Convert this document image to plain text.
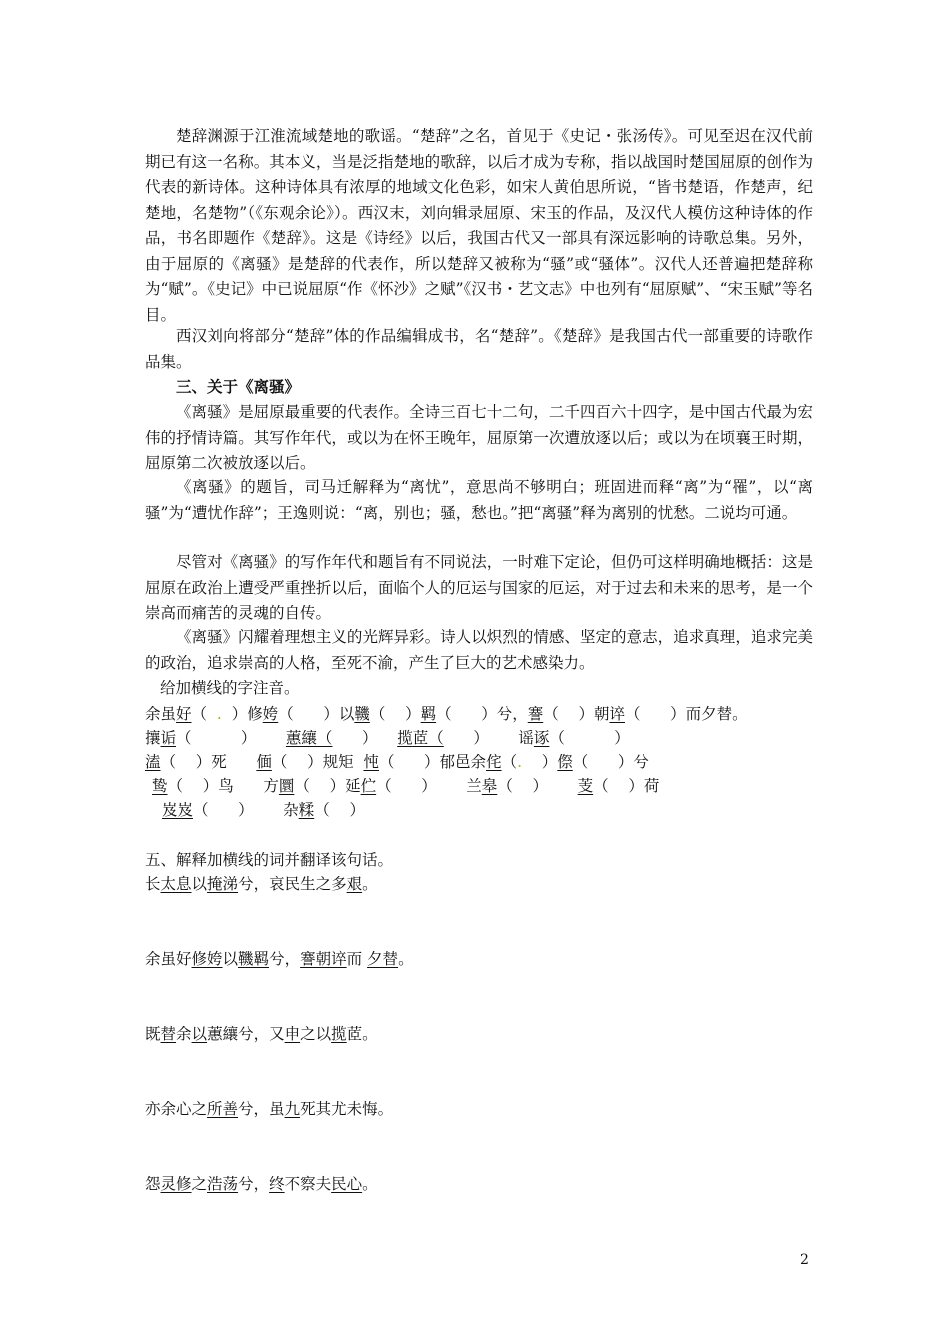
楚辞渊源于江淮流域楚地的歌谣。“楚辞”之名，首见于《史记・张汤传》。可见至迟在汉代前期已有这一名称。其本义，当是泛指楚地的歌辞，以后才成为专称，指以战国时楚国屈原的创作为代表的新诗体。这种诗体具有浓厚的地域文化色彩，如宋人黄伯思所说，“皆书楚语，作楚声，纪楚地，名楚物”（《东观余论》）。西汉末，刘向辑录屈原、宋玉的作品，及汉代人模仿这种诗体的作品，书名即题作《楚辞》。这是《诗经》以后，我国古代又一部具有深远影响的诗歌总集。另外，由于屈原的《离骚》是楚辞的代表作，所以楚辞又被称为“骚”或“骚体”。汉代人还普遍把楚辞称为“赋”。《史记》中已说屈原“作《怀沙》之赋”《汉书・艺文志》中也列有“屈原赋”、“宋玉赋”等名目。

西汉刘向将部分“楚辞”体的作品编辑成书，名“楚辞”。《楚辞》是我国古代一部重要的诗歌作品集。

三、关于《离骚》

《离骚》是屈原最重要的代表作。全诗三百七十二句，二千四百六十四字，是中国古代最为宏伟的抒情诗篇。其写作年代，或以为在怀王晚年，屈原第一次遭放逐以后；或以为在顷襄王时期，屈原第二次被放逐以后。

《离骚》的题旨，司马迁解释为“离忧”，意思尚不够明白；班固进而释“离”为“罹”，以“离骚”为“遭忧作辞”；王逸则说：“离，别也；骚，愁也。”把“离骚”释为离别的忧愁。二说均可通。

尽管对《离骚》的写作年代和题旨有不同说法，一时难下定论，但仍可这样明确地概括：这是屈原在政治上遭受严重挫折以后，面临个人的厄运与国家的厄运，对于过去和未来的思考，是一个崇高而痛苦的灵魂的自传。

《离骚》闪耀着理想主义的光辉异彩。诗人以炽烈的情感、坚定的意志，追求真理，追求完美的政治，追求崇高的人格，至死不渝，产生了巨大的艺术感染力。

给加横线的字注音。

余虽好（ . ）修姱（ ）以鞿（ ）羁（ ）兮，謇（ ）朝谇（ ）而夕替。
攘诟（	） 蕙纕（ ） 揽茝（ ） 谣诼（	）
溘（ ）死 偭（ ）规矩 忳（ ）郁邑余侘（. ）傺（ ）兮
鸷（ ）鸟 方圜（ ）延伫（ ） 兰皋（ ） 芰（ ）荷
岌岌（ ） 杂糅（ ）

五、解释加横线的词并翻译该句话。

长太息以掩涕兮，哀民生之多艰。
余虽好修姱以鞿羁兮，謇朝谇而 夕替。
既替余以蕙纕兮，又申之以揽茝。
亦余心之所善兮，虽九死其尤未悔。
怨灵修之浩荡兮，终不察夫民心。
2
